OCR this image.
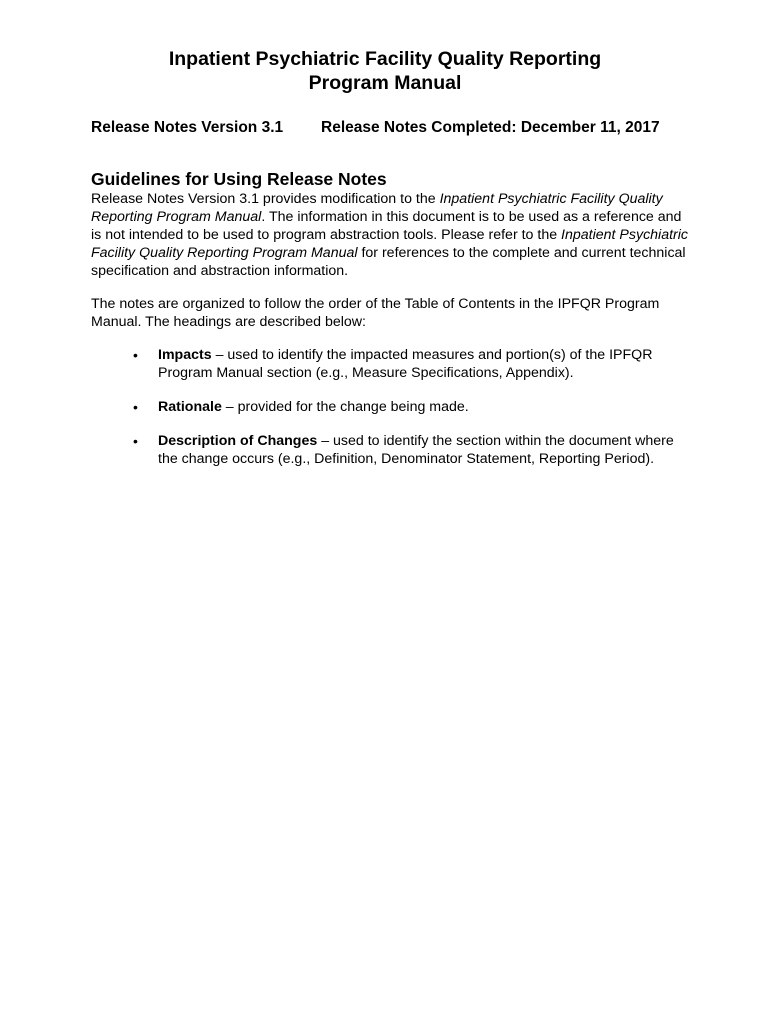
Inpatient Psychiatric Facility Quality Reporting
Program Manual
Release Notes Version 3.1 Release Notes Completed: December 11, 2017
Guidelines for Using Release Notes

Release Notes Version 3.1 provides modification to the Inpatient Psychiatric Facility Quality Reporting Program Manual. The information in this document is to be used as a reference and is not intended to be used to program abstraction tools. Please refer to the Inpatient Psychiatric Facility Quality Reporting Program Manual for references to the complete and current technical specification and abstraction information.

The notes are organized to follow the order of the Table of Contents in the IPFQR Program Manual. The headings are described below:

• Impacts – used to identify the impacted measures and portion(s) of the IPFQR Program Manual section (e.g., Measure Specifications, Appendix).
• Rationale – provided for the change being made.
• Description of Changes – used to identify the section within the document where the change occurs (e.g., Definition, Denominator Statement, Reporting Period).
